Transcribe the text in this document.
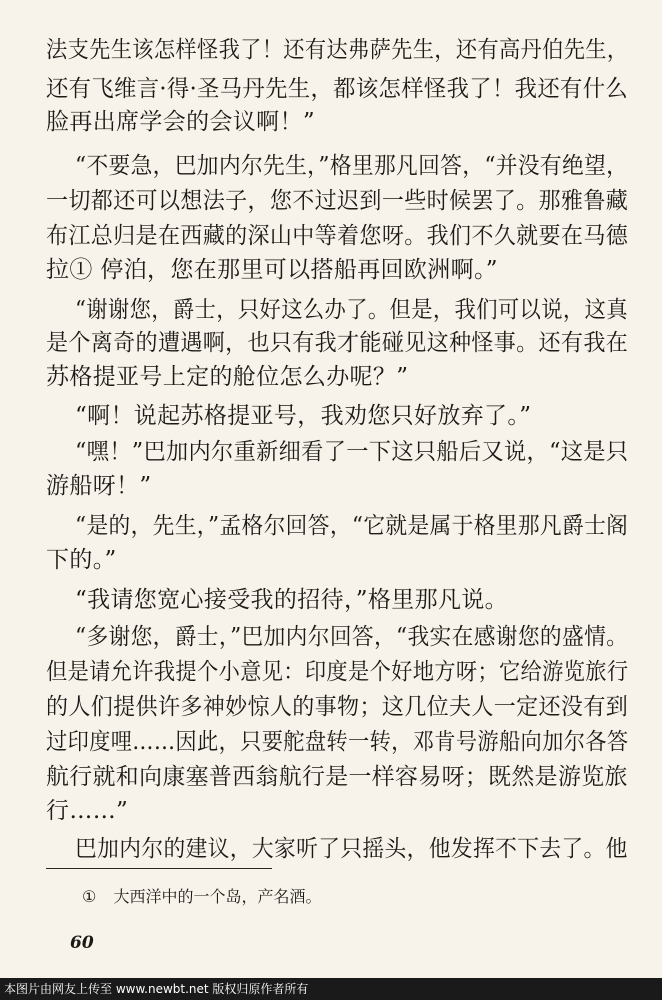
法支先生该怎样怪我了！还有达弗萨先生，还有高丹伯先生，
还有飞维言·得·圣马丹先生，都该怎样怪我了！我还有什么
脸再出席学会的会议啊！”
“不要急，巴加内尔先生，”格里那凡回答，“并没有绝望，
一切都还可以想法子，您不过迟到一些时候罢了。那雅鲁藏
布江总归是在西藏的深山中等着您呀。我们不久就要在马德
拉① 停泊，您在那里可以搭船再回欧洲啊。”
“谢谢您，爵士，只好这么办了。但是，我们可以说，这真
是个离奇的遭遇啊，也只有我才能碰见这种怪事。还有我在
苏格提亚号上定的舱位怎么办呢？”
“啊！说起苏格提亚号，我劝您只好放弃了。”
“嘿！”巴加内尔重新细看了一下这只船后又说，“这是只
游船呀！”
“是的，先生，”孟格尔回答，“它就是属于格里那凡爵士阁
下的。”
“我请您宽心接受我的招待，”格里那凡说。
“多谢您，爵士，”巴加内尔回答，“我实在感谢您的盛情。
但是请允许我提个小意见：印度是个好地方呀；它给游览旅行
的人们提供许多神妙惊人的事物；这几位夫人一定还没有到
过印度哩……因此，只要舵盘转一转，邓肯号游船向加尔各答
航行就和向康塞普西翁航行是一样容易呀；既然是游览旅
行……”
巴加内尔的建议，大家听了只摇头，他发挥不下去了。他
① 大西洋中的一个岛，产名酒。
60
本图片由网友上传至 www.newbt.net 版权归原作者所有
